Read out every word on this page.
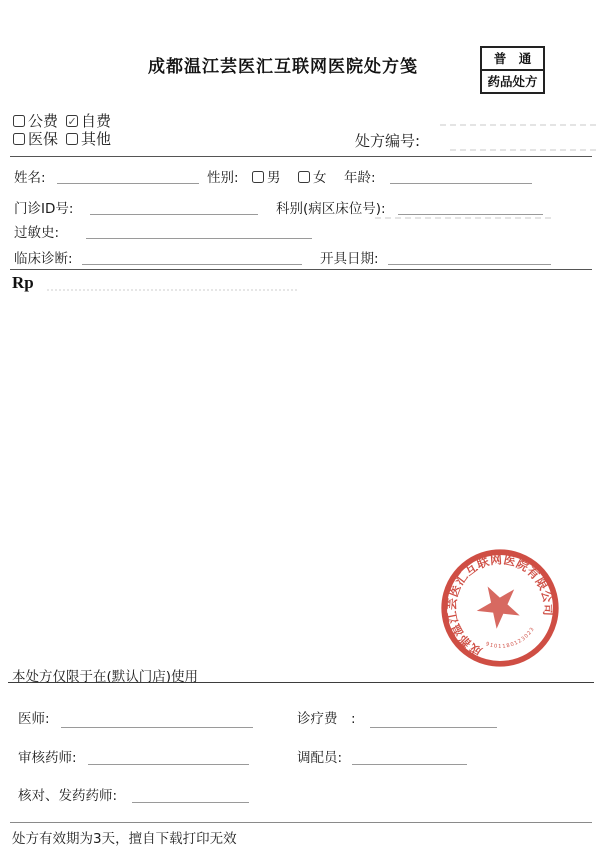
成都温江芸医汇互联网医院处方笺	普　通
药品处方
公费 ✓ 自费
医保 其他	处方编号:
姓名:	性别:	男	女 年龄:
门诊ID号:	科别(病区床位号):
过敏史:
临床诊断:	开具日期:
Rp
成都温江芸医汇互联网医院有限公司
9101180123023
本处方仅限于在(默认门店)使用
医师:	诊疗费　:
审核药师:	调配员:
核对、发药药师:
处方有效期为3天，擅自下载打印无效
